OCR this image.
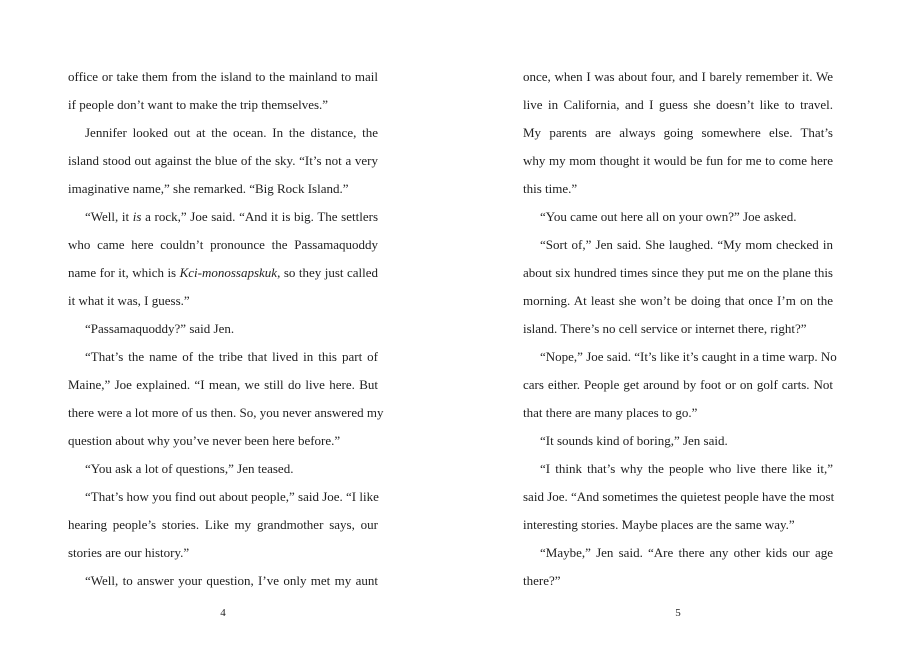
office or take them from the island to the mainland to mail
if people don’t want to make the trip themselves.”
Jennifer looked out at the ocean. In the distance, the
island stood out against the blue of the sky. “It’s not a very
imaginative name,” she remarked. “Big Rock Island.”
“Well, it is a rock,” Joe said. “And it is big. The settlers
who came here couldn’t pronounce the Passamaquoddy
name for it, which is Kci-monossapskuk, so they just called
it what it was, I guess.”
“Passamaquoddy?” said Jen.
“That’s the name of the tribe that lived in this part of
Maine,” Joe explained. “I mean, we still do live here. But
there were a lot more of us then. So, you never answered my
question about why you’ve never been here before.”
“You ask a lot of questions,” Jen teased.
“That’s how you find out about people,” said Joe. “I like
hearing people’s stories. Like my grandmother says, our
stories are our history.”
“Well, to answer your question, I’ve only met my aunt
4
once, when I was about four, and I barely remember it. We
live in California, and I guess she doesn’t like to travel.
My parents are always going somewhere else. That’s
why my mom thought it would be fun for me to come here
this time.”
“You came out here all on your own?” Joe asked.
“Sort of,” Jen said. She laughed. “My mom checked in
about six hundred times since they put me on the plane this
morning. At least she won’t be doing that once I’m on the
island. There’s no cell service or internet there, right?”
“Nope,” Joe said. “It’s like it’s caught in a time warp. No
cars either. People get around by foot or on golf carts. Not
that there are many places to go.”
“It sounds kind of boring,” Jen said.
“I think that’s why the people who live there like it,”
said Joe. “And sometimes the quietest people have the most
interesting stories. Maybe places are the same way.”
“Maybe,” Jen said. “Are there any other kids our age
there?”
5
